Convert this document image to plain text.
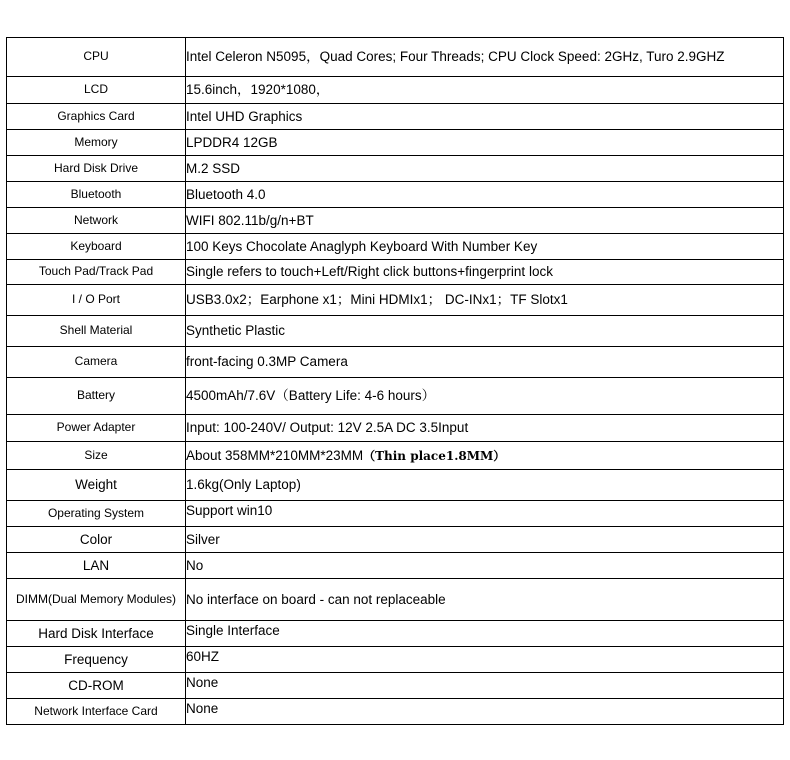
CPU	Intel Celeron N5095，Quad Cores; Four Threads; CPU Clock Speed: 2GHz, Turo 2.9GHZ
LCD	15.6inch，1920*1080，
Graphics Card	Intel UHD Graphics
Memory	LPDDR4 12GB
Hard Disk Drive	M.2 SSD
Bluetooth	Bluetooth 4.0
Network	WIFI 802.11b/g/n+BT
Keyboard	100 Keys Chocolate Anaglyph Keyboard With Number Key
Touch Pad/Track Pad	Single refers to touch+Left/Right click buttons+fingerprint lock
I / O Port	USB3.0x2；Earphone x1；Mini HDMIx1； DC-INx1；TF Slotx1
Shell Material	Synthetic Plastic
Camera	front-facing 0.3MP Camera
Battery	4500mAh/7.6V（Battery Life: 4-6 hours）
Power Adapter	Input: 100-240V/ Output: 12V 2.5A DC 3.5Input
Size	About 358MM*210MM*23MM（Thin place1.8MM）
Weight	1.6kg(Only Laptop)
Operating System	Support win10
Color	Silver
LAN	No
DIMM(Dual Memory Modules)	No interface on board - can not replaceable
Hard Disk Interface	Single Interface
Frequency	60HZ
CD-ROM	None
Network Interface Card	None
